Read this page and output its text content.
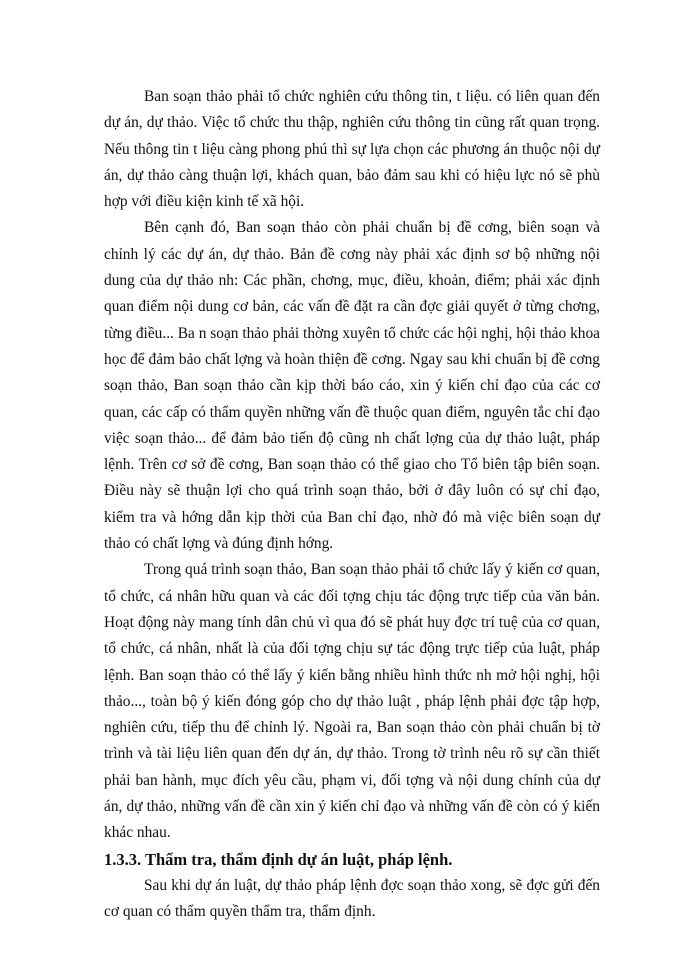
Ban soạn thảo phải tổ chức nghiên cứu thông tin, t liệu. có liên quan đến dự án, dự thảo. Việc tổ chức thu thập, nghiên cứu thông tin cũng rất quan trọng. Nếu thông tin t liệu càng phong phú thì sự lựa chọn các phương án thuộc nội dự án, dự thảo càng thuận lợi, khách quan, bảo đảm sau khi có hiệu lực nó sẽ phù hợp với điều kiện kinh tế xã hội.

Bên cạnh đó, Ban soạn thảo còn phải chuẩn bị đề cơng, biên soạn và chỉnh lý các dự án, dự thảo. Bản đề cơng này phải xác định sơ bộ những nội dung của dự thảo nh: Các phần, chơng, mục, điều, khoản, điểm; phải xác định quan điểm nội dung cơ bản, các vấn đề đặt ra cần đợc giải quyết ở từng chơng, từng điều... Ba n soạn thảo phải thờng xuyên tổ chức các hội nghị, hội thảo khoa học để đảm bảo chất lợng và hoàn thiện đề cơng. Ngay sau khi chuẩn bị đề cơng soạn thảo, Ban soạn thảo cần kịp thời báo cáo, xin ý kiến chỉ đạo của các cơ quan, các cấp có thẩm quyền những vấn đề thuộc quan điểm, nguyên tắc chỉ đạo việc soạn thảo... để đảm bảo tiến độ cũng nh chất lợng của dự thảo luật, pháp lệnh. Trên cơ sở đề cơng, Ban soạn thảo có thể giao cho Tổ biên tập biên soạn. Điều này sẽ thuận lợi cho quá trình soạn thảo, bởi ở đây luôn có sự chỉ đạo, kiểm tra và hớng dẫn kịp thời của Ban chỉ đạo, nhờ đó mà việc biên soạn dự thảo có chất lợng và đúng định hớng.

Trong quá trình soạn thảo, Ban soạn thảo phải tổ chức lấy ý kiến cơ quan, tổ chức, cá nhân hữu quan và các đối tợng chịu tác động trực tiếp của văn bản. Hoạt động này mang tính dân chủ vì qua đó sẽ phát huy đợc trí tuệ của cơ quan, tổ chức, cá nhân, nhất là của đối tợng chịu sự tác động trực tiếp của luật, pháp lệnh. Ban soạn thảo có thể lấy ý kiến bằng nhiều hình thức nh mở hội nghị, hội thảo..., toàn bộ ý kiến đóng góp cho dự thảo luật , pháp lệnh phải đợc tập hợp, nghiên cứu, tiếp thu để chỉnh lý. Ngoài ra, Ban soạn thảo còn phải chuẩn bị tờ trình và tài liệu liên quan đến dự án, dự thảo. Trong tờ trình nêu rõ sự cần thiết phải ban hành, mục đích yêu cầu, phạm vi, đối tợng và nội dung chính của dự án, dự thảo, những vấn đề cần xin ý kiến chỉ đạo và những vấn đề còn có ý kiến khác nhau.

1.3.3. Thẩm tra, thẩm định dự án luật, pháp lệnh.

Sau khi dự án luật, dự thảo pháp lệnh đợc soạn thảo xong, sẽ đợc gửi đến cơ quan có thẩm quyền thẩm tra, thẩm định.
